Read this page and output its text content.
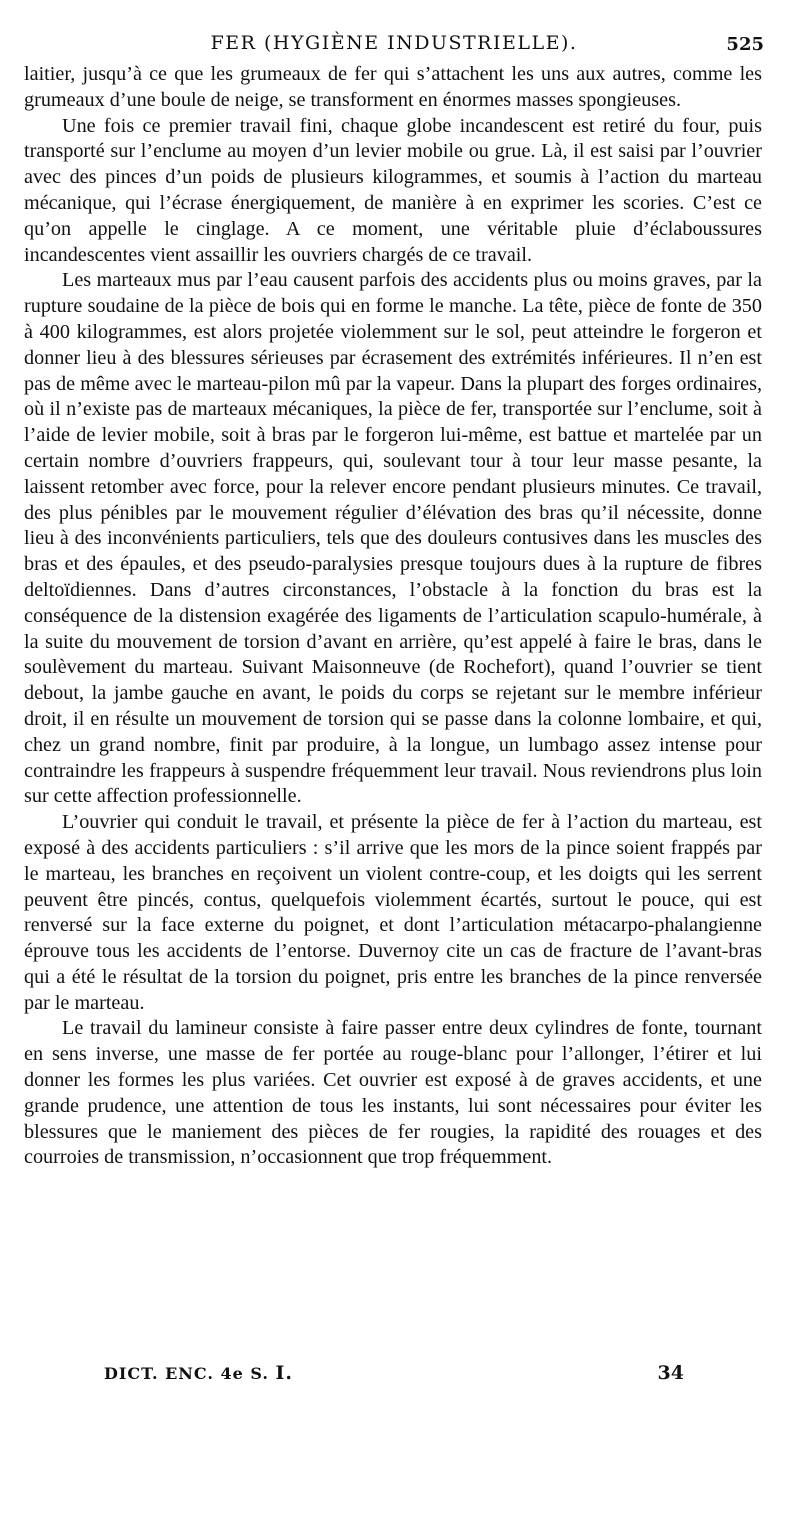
FER (HYGIÈNE INDUSTRIELLE).	525

laitier, jusqu’à ce que les grumeaux de fer qui s’attachent les uns aux autres, comme les grumeaux d’une boule de neige, se transforment en énormes masses spongieuses.

Une fois ce premier travail fini, chaque globe incandescent est retiré du four, puis transporté sur l’enclume au moyen d’un levier mobile ou grue. Là, il est saisi par l’ouvrier avec des pinces d’un poids de plusieurs kilogrammes, et soumis à l’action du marteau mécanique, qui l’écrase énergiquement, de manière à en exprimer les scories. C’est ce qu’on appelle le cinglage. A ce moment, une véritable pluie d’éclaboussures incandescentes vient assaillir les ouvriers chargés de ce travail.

Les marteaux mus par l’eau causent parfois des accidents plus ou moins graves, par la rupture soudaine de la pièce de bois qui en forme le manche. La tête, pièce de fonte de 350 à 400 kilogrammes, est alors projetée violemment sur le sol, peut atteindre le forgeron et donner lieu à des blessures sérieuses par écrasement des extrémités inférieures. Il n’en est pas de même avec le marteau-pilon mû par la vapeur. Dans la plupart des forges ordinaires, où il n’existe pas de marteaux mécaniques, la pièce de fer, transportée sur l’enclume, soit à l’aide de levier mobile, soit à bras par le forgeron lui-même, est battue et martelée par un certain nombre d’ouvriers frappeurs, qui, soulevant tour à tour leur masse pesante, la laissent retomber avec force, pour la relever encore pendant plusieurs minutes. Ce travail, des plus pénibles par le mouvement régulier d’élévation des bras qu’il nécessite, donne lieu à des inconvénients particuliers, tels que des douleurs contusives dans les muscles des bras et des épaules, et des pseudo-paralysies presque toujours dues à la rupture de fibres deltoïdiennes. Dans d’autres circonstances, l’obstacle à la fonction du bras est la conséquence de la distension exagérée des ligaments de l’articulation scapulo-humérale, à la suite du mouvement de torsion d’avant en arrière, qu’est appelé à faire le bras, dans le soulèvement du marteau. Suivant Maisonneuve (de Rochefort), quand l’ouvrier se tient debout, la jambe gauche en avant, le poids du corps se rejetant sur le membre inférieur droit, il en résulte un mouvement de torsion qui se passe dans la colonne lombaire, et qui, chez un grand nombre, finit par produire, à la longue, un lumbago assez intense pour contraindre les frappeurs à suspendre fréquemment leur travail. Nous reviendrons plus loin sur cette affection professionnelle.

L’ouvrier qui conduit le travail, et présente la pièce de fer à l’action du marteau, est exposé à des accidents particuliers : s’il arrive que les mors de la pince soient frappés par le marteau, les branches en reçoivent un violent contre-coup, et les doigts qui les serrent peuvent être pincés, contus, quelquefois violemment écartés, surtout le pouce, qui est renversé sur la face externe du poignet, et dont l’articulation métacarpo-phalangienne éprouve tous les accidents de l’entorse. Duvernoy cite un cas de fracture de l’avant-bras qui a été le résultat de la torsion du poignet, pris entre les branches de la pince renversée par le marteau.

Le travail du lamineur consiste à faire passer entre deux cylindres de fonte, tournant en sens inverse, une masse de fer portée au rouge-blanc pour l’allonger, l’étirer et lui donner les formes les plus variées. Cet ouvrier est exposé à de graves accidents, et une grande prudence, une attention de tous les instants, lui sont nécessaires pour éviter les blessures que le maniement des pièces de fer rougies, la rapidité des rouages et des courroies de transmission, n’occasionnent que trop fréquemment.

DICT. ENC. 4e S. I.	34
